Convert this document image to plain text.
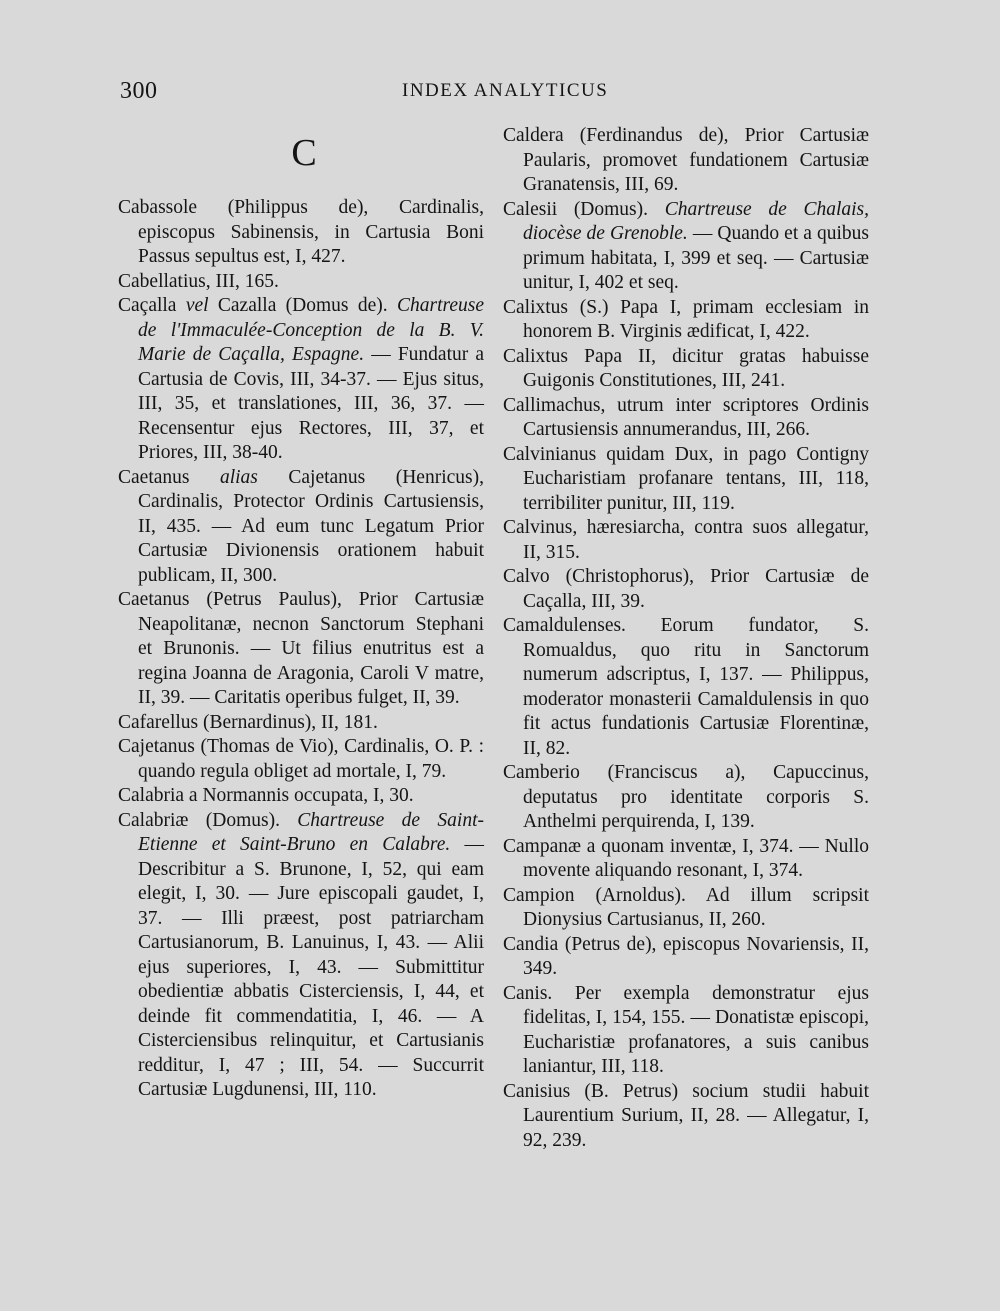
300	INDEX ANALYTICUS
C
Cabassole (Philippus de), Cardinalis, episcopus Sabinensis, in Cartusia Boni Passus sepultus est, I, 427.
Cabellatius, III, 165.
Caçalla vel Cazalla (Domus de). Chartreuse de l'Immaculée-Conception de la B. V. Marie de Caçalla, Espagne. — Fundatur a Cartusia de Covis, III, 34-37. — Ejus situs, III, 35, et translationes, III, 36, 37. — Recensentur ejus Rectores, III, 37, et Priores, III, 38-40.
Caetanus alias Cajetanus (Henricus), Cardinalis, Protector Ordinis Cartusiensis, II, 435. — Ad eum tunc Legatum Prior Cartusiæ Divionensis orationem habuit publicam, II, 300.
Caetanus (Petrus Paulus), Prior Cartusiæ Neapolitanæ, necnon Sanctorum Stephani et Brunonis. — Ut filius enutritus est a regina Joanna de Aragonia, Caroli V matre, II, 39. — Caritatis operibus fulget, II, 39.
Cafarellus (Bernardinus), II, 181.
Cajetanus (Thomas de Vio), Cardinalis, O. P. : quando regula obliget ad mortale, I, 79.
Calabria a Normannis occupata, I, 30.
Calabriæ (Domus). Chartreuse de Saint-Etienne et Saint-Bruno en Calabre. — Describitur a S. Brunone, I, 52, qui eam elegit, I, 30. — Jure episcopali gaudet, I, 37. — Illi præest, post patriarcham Cartusianorum, B. Lanuinus, I, 43. — Alii ejus superiores, I, 43. — Submittitur obedientiæ abbatis Cisterciensis, I, 44, et deinde fit commendatitia, I, 46. — A Cisterciensibus relinquitur, et Cartusianis redditur, I, 47 ; III, 54. — Succurrit Cartusiæ Lugdunensi, III, 110.
Caldera (Ferdinandus de), Prior Cartusiæ Paularis, promovet fundationem Cartusiæ Granatensis, III, 69.
Calesii (Domus). Chartreuse de Chalais, diocèse de Grenoble. — Quando et a quibus primum habitata, I, 399 et seq. — Cartusiæ unitur, I, 402 et seq.
Calixtus (S.) Papa I, primam ecclesiam in honorem B. Virginis ædificat, I, 422.
Calixtus Papa II, dicitur gratas habuisse Guigonis Constitutiones, III, 241.
Callimachus, utrum inter scriptores Ordinis Cartusiensis annumerandus, III, 266.
Calvinianus quidam Dux, in pago Contigny Eucharistiam profanare tentans, III, 118, terribiliter punitur, III, 119.
Calvinus, hæresiarcha, contra suos allegatur, II, 315.
Calvo (Christophorus), Prior Cartusiæ de Caçalla, III, 39.
Camaldulenses. Eorum fundator, S. Romualdus, quo ritu in Sanctorum numerum adscriptus, I, 137. — Philippus, moderator monasterii Camaldulensis in quo fit actus fundationis Cartusiæ Florentinæ, II, 82.
Camberio (Franciscus a), Capuccinus, deputatus pro identitate corporis S. Anthelmi perquirenda, I, 139.
Campanæ a quonam inventæ, I, 374. — Nullo movente aliquando resonant, I, 374.
Campion (Arnoldus). Ad illum scripsit Dionysius Cartusianus, II, 260.
Candia (Petrus de), episcopus Novariensis, II, 349.
Canis. Per exempla demonstratur ejus fidelitas, I, 154, 155. — Donatistæ episcopi, Eucharistiæ profanatores, a suis canibus laniantur, III, 118.
Canisius (B. Petrus) socium studii habuit Laurentium Surium, II, 28. — Allegatur, I, 92, 239.
